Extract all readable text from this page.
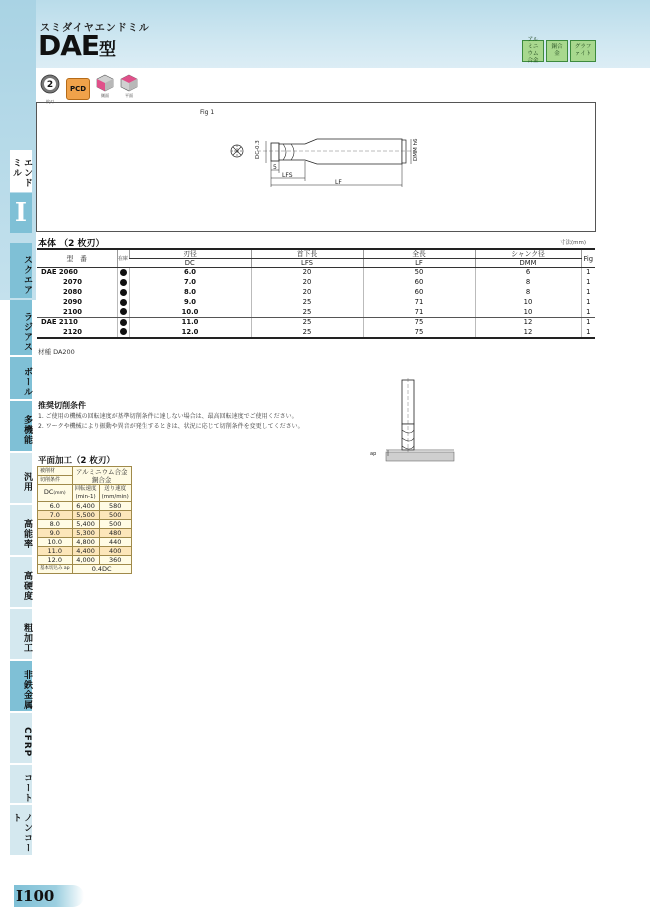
スミダイヤエンドミル
DAE型	アルミニウム合金
銅合金
グラファイト
エンドミル
I
スクエア
ラジアス
ボール
多機能
汎用
高能率
高硬度
粗加工
非鉄金属
CFRP
コート
ノンコート
2
枚刃
PCD
側面	平面
Fig 1
DC-0.3	DMM h6
5
LFS
LF
本体 （2 枚刃）	寸法(mm)
型　番	在庫	刃径	首下長	全長	シャンク径	Fig
		DC	LFS	LF	DMM	
DAE 2060		6.0	20	50	6	1
2070		7.0	20	60	8	1
2080		8.0	20	60	8	1
2090		9.0	25	71	10	1
2100		10.0	25	71	10	1
DAE 2110		11.0	25	75	12	1
2120		12.0	25	75	12	1
材種 DA200
推奨切削条件
1. ご使用の機械の回転速度が基準切削条件に達しない場合は、最高回転速度でご使用ください。
2. ワークや機械により振動や異音が発生するときは、状況に応じて切削条件を変更してください。
ap
平面加工（2 枚刃）
被削材	アルミニウム合金
銅合金	
切削条件		
DC(mm)	回転速度
(min-1)	送り速度
(mm/min)
6.0	6,400	580
7.0	5,500	500
8.0	5,400	500
9.0	5,300	480
10.0	4,800	440
11.0	4,400	400
12.0	4,000	360
基本切込み ap	0.4DC	
I100
